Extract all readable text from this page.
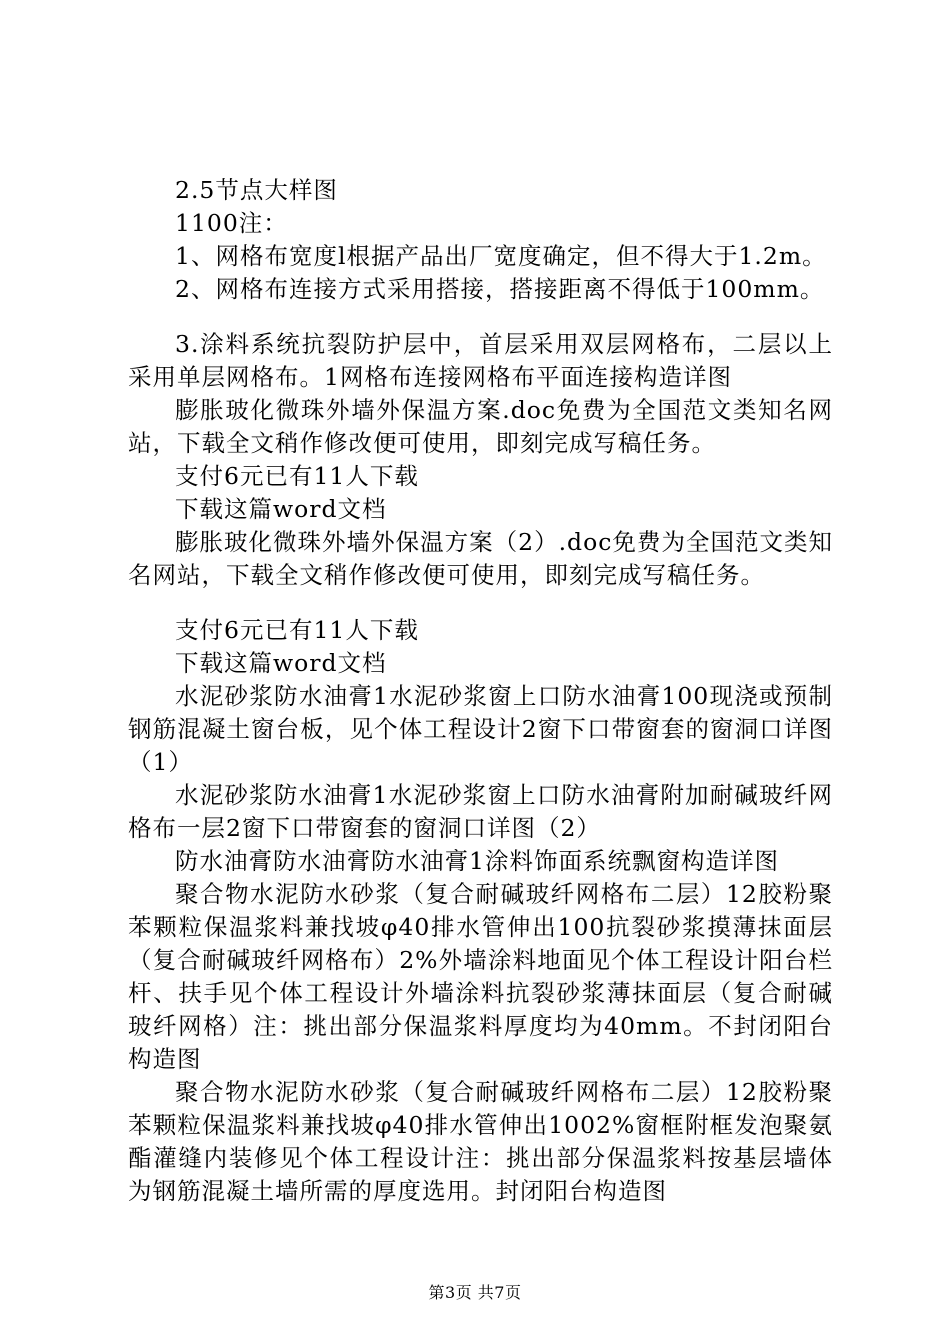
2.5节点大样图

1100注：

1、网格布宽度l根据产品出厂宽度确定，但不得大于1.2m。

2、网格布连接方式采用搭接，搭接距离不得低于100mm。

3.涂料系统抗裂防护层中，首层采用双层网格布，二层以上采用单层网格布。1网格布连接网格布平面连接构造详图

膨胀玻化微珠外墙外保温方案.doc免费为全国范文类知名网站，下载全文稍作修改便可使用，即刻完成写稿任务。

支付6元已有11人下载

下载这篇word文档

膨胀玻化微珠外墙外保温方案（2）.doc免费为全国范文类知名网站，下载全文稍作修改便可使用，即刻完成写稿任务。

支付6元已有11人下载

下载这篇word文档

水泥砂浆防水油膏1水泥砂浆窗上口防水油膏100现浇或预制钢筋混凝土窗台板，见个体工程设计2窗下口带窗套的窗洞口详图（1）

水泥砂浆防水油膏1水泥砂浆窗上口防水油膏附加耐碱玻纤网格布一层2窗下口带窗套的窗洞口详图（2）

防水油膏防水油膏防水油膏1涂料饰面系统飘窗构造详图

聚合物水泥防水砂浆（复合耐碱玻纤网格布二层）12胶粉聚苯颗粒保温浆料兼找坡φ40排水管伸出100抗裂砂浆摸薄抹面层（复合耐碱玻纤网格布）2%外墙涂料地面见个体工程设计阳台栏杆、扶手见个体工程设计外墙涂料抗裂砂浆薄抹面层（复合耐碱玻纤网格）注：挑出部分保温浆料厚度均为40mm。不封闭阳台构造图

聚合物水泥防水砂浆（复合耐碱玻纤网格布二层）12胶粉聚苯颗粒保温浆料兼找坡φ40排水管伸出1002%窗框附框发泡聚氨酯灌缝内装修见个体工程设计注：挑出部分保温浆料按基层墙体为钢筋混凝土墙所需的厚度选用。封闭阳台构造图

第3页 共7页
